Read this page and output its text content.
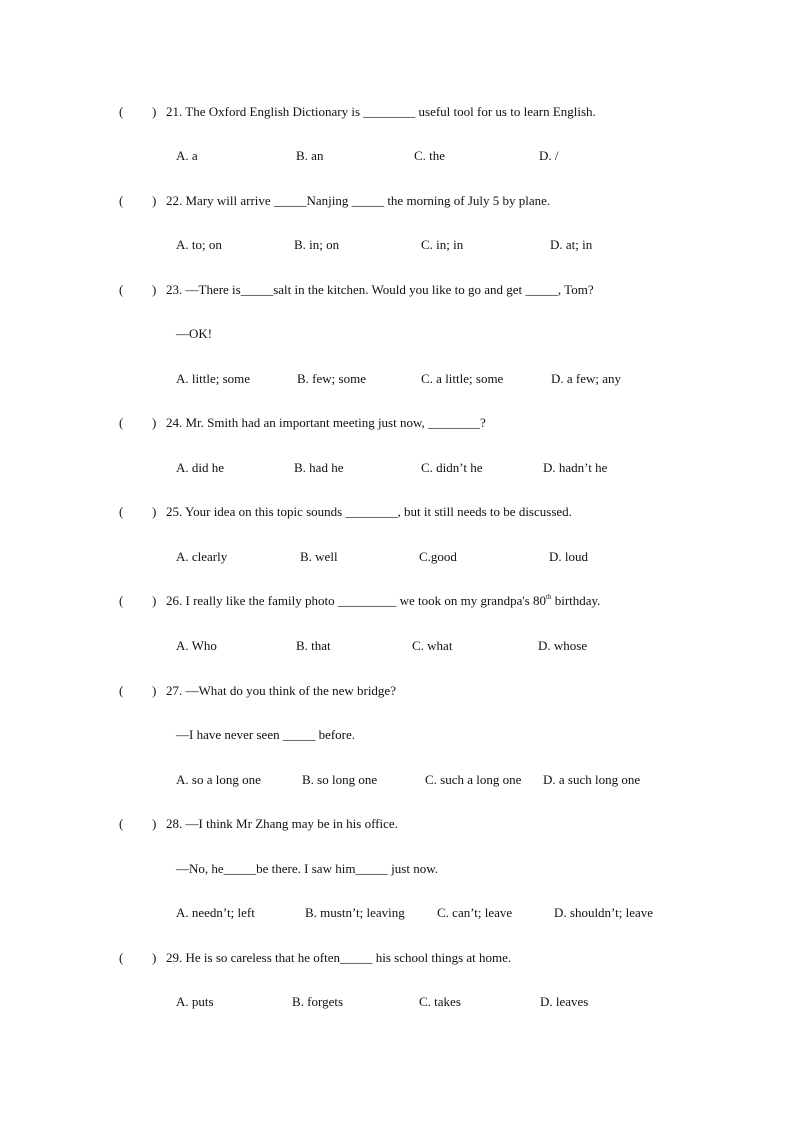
(

)

21. The Oxford English Dictionary is ________ useful tool for us to learn English.

A. a

	B. an

	C. the

	D. /

(

)

22. Mary will arrive _____Nanjing _____ the morning of July 5 by plane.

A. to; on

	B. in; on

	C. in; in

	D. at; in

(

)

23. —There is_____salt in the kitchen. Would you like to go and get _____, Tom?

—OK!

A. little; some

	B. few; some

	C. a little; some

	D. a few; any

(

)

24. Mr. Smith had an important meeting just now, ________?

A. did he

	B. had he

	C. didn’t he

	D. hadn’t he

(

)

25. Your idea on this topic sounds ________, but it still needs to be discussed.

A. clearly

	B. well

	C.good

	D. loud

(

)

26. I really like the family photo _________ we took on my grandpa's 80th birthday.

A. Who

	B. that

	C. what

	D. whose

(

)

27. —What do you think of the new bridge?

—I have never seen _____ before.

A. so a long one

	B. so long one

	C. such a long one

D. a such long one

(

)

28. —I think Mr Zhang may be in his office.

—No, he_____be there. I saw him_____ just now.

A. needn’t; left

	B. mustn’t; leaving

C. can’t; leave

	D. shouldn’t; leave

(

)

29. He is so careless that he often_____ his school things at home.

A. puts

	B. forgets

	C. takes

	D. leaves
